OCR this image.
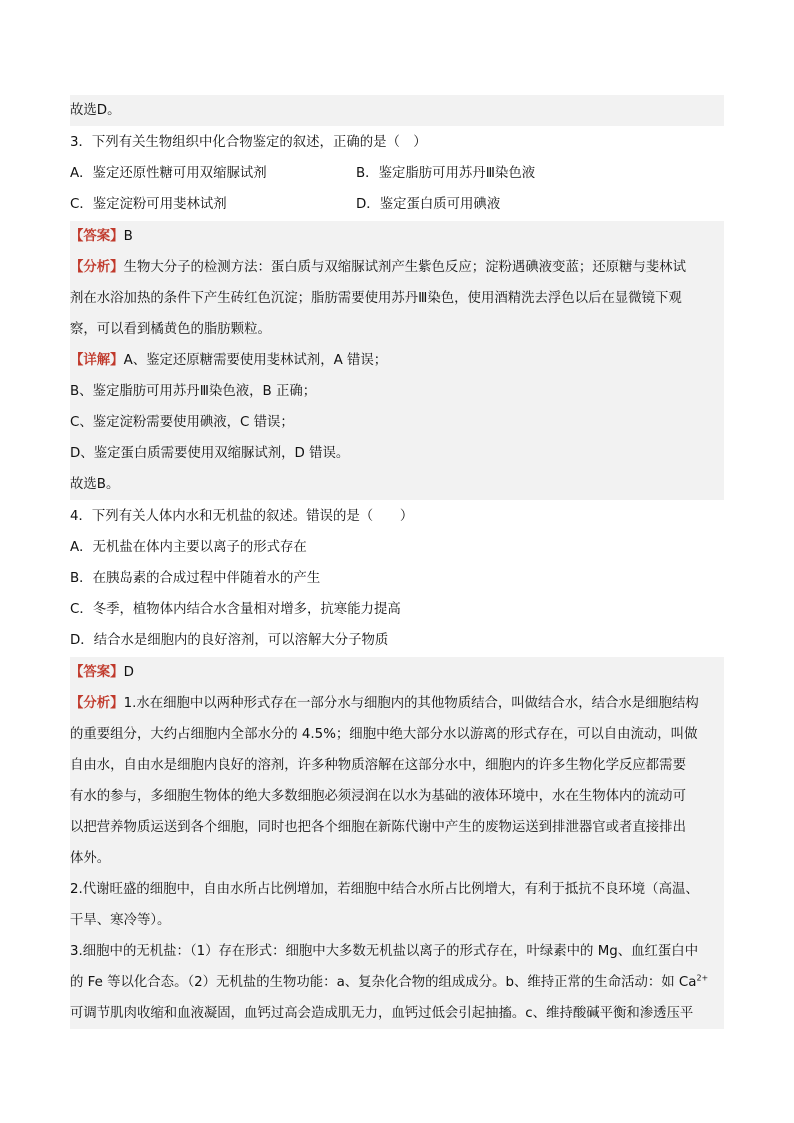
故选D。
3．下列有关生物组织中化合物鉴定的叙述，正确的是（　）
A．鉴定还原性糖可用双缩脲试剂	B．鉴定脂肪可用苏丹Ⅲ染色液
C．鉴定淀粉可用斐林试剂	D．鉴定蛋白质可用碘液
【答案】B
【分析】生物大分子的检测方法：蛋白质与双缩脲试剂产生紫色反应；淀粉遇碘液变蓝；还原糖与斐林试
剂在水浴加热的条件下产生砖红色沉淀；脂肪需要使用苏丹Ⅲ染色，使用酒精洗去浮色以后在显微镜下观
察，可以看到橘黄色的脂肪颗粒。
【详解】A、鉴定还原糖需要使用斐林试剂，A 错误；
B、鉴定脂肪可用苏丹Ⅲ染色液，B 正确；
C、鉴定淀粉需要使用碘液，C 错误；
D、鉴定蛋白质需要使用双缩脲试剂，D 错误。
故选B。
4．下列有关人体内水和无机盐的叙述。错误的是（　　）
A．无机盐在体内主要以离子的形式存在
B．在胰岛素的合成过程中伴随着水的产生
C．冬季，植物体内结合水含量相对增多，抗寒能力提高
D．结合水是细胞内的良好溶剂，可以溶解大分子物质
【答案】D
【分析】1.水在细胞中以两种形式存在一部分水与细胞内的其他物质结合，叫做结合水，结合水是细胞结构
的重要组分，大约占细胞内全部水分的 4.5%；细胞中绝大部分水以游离的形式存在，可以自由流动，叫做
自由水，自由水是细胞内良好的溶剂，许多种物质溶解在这部分水中，细胞内的许多生物化学反应都需要
有水的参与，多细胞生物体的绝大多数细胞必须浸润在以水为基础的液体环境中，水在生物体内的流动可
以把营养物质运送到各个细胞，同时也把各个细胞在新陈代谢中产生的废物运送到排泄器官或者直接排出
体外。
2.代谢旺盛的细胞中，自由水所占比例增加，若细胞中结合水所占比例增大，有利于抵抗不良环境（高温、
干旱、寒冷等）。
3.细胞中的无机盐：（1）存在形式：细胞中大多数无机盐以离子的形式存在，叶绿素中的 Mg、血红蛋白中
的 Fe 等以化合态。（2）无机盐的生物功能：a、复杂化合物的组成成分。b、维持正常的生命活动：如 $Ca^{2+}$
可调节肌肉收缩和血液凝固，血钙过高会造成肌无力，血钙过低会引起抽搐。c、维持酸碱平衡和渗透压平
